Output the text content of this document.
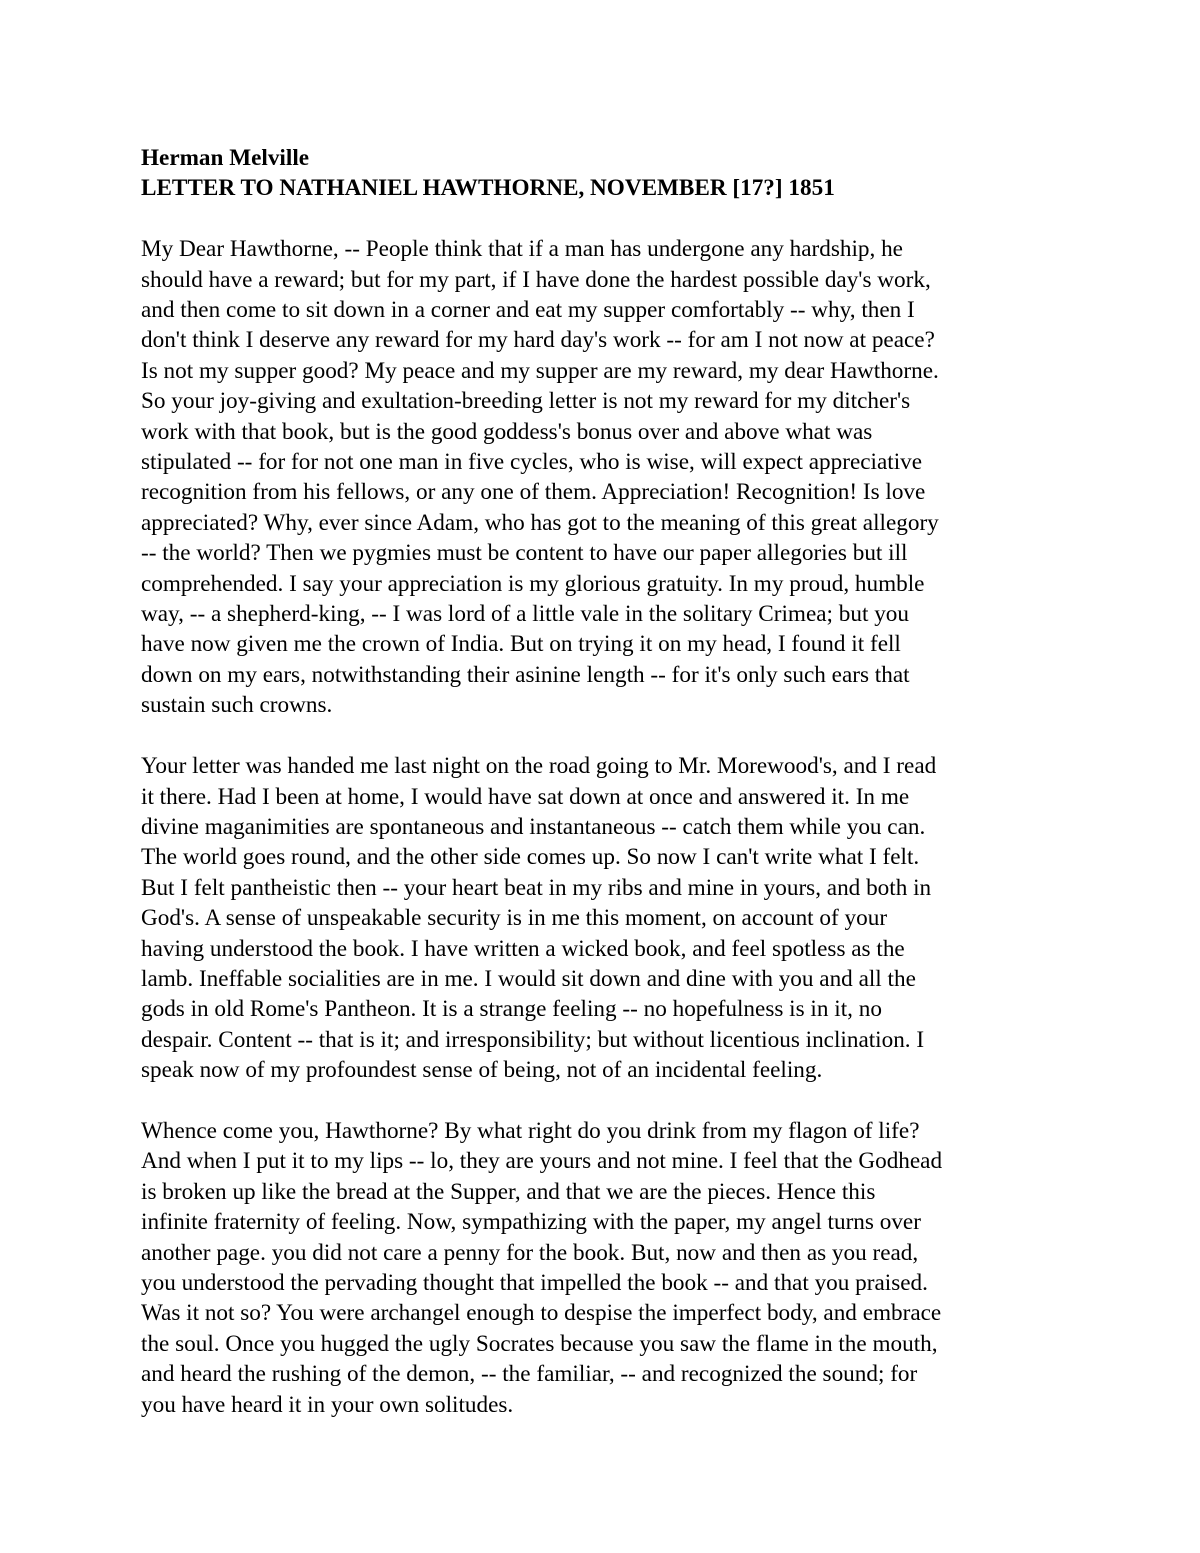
Herman Melville
LETTER TO NATHANIEL HAWTHORNE, NOVEMBER [17?] 1851
My Dear Hawthorne, -- People think that if a man has undergone any hardship, he
should have a reward; but for my part, if I have done the hardest possible day's work,
and then come to sit down in a corner and eat my supper comfortably -- why, then I
don't think I deserve any reward for my hard day's work -- for am I not now at peace?
Is not my supper good? My peace and my supper are my reward, my dear Hawthorne.
So your joy-giving and exultation-breeding letter is not my reward for my ditcher's
work with that book, but is the good goddess's bonus over and above what was
stipulated -- for for not one man in five cycles, who is wise, will expect appreciative
recognition from his fellows, or any one of them. Appreciation! Recognition! Is love
appreciated? Why, ever since Adam, who has got to the meaning of this great allegory
-- the world? Then we pygmies must be content to have our paper allegories but ill
comprehended. I say your appreciation is my glorious gratuity. In my proud, humble
way, -- a shepherd-king, -- I was lord of a little vale in the solitary Crimea; but you
have now given me the crown of India. But on trying it on my head, I found it fell
down on my ears, notwithstanding their asinine length -- for it's only such ears that
sustain such crowns.
Your letter was handed me last night on the road going to Mr. Morewood's, and I read
it there. Had I been at home, I would have sat down at once and answered it. In me
divine maganimities are spontaneous and instantaneous -- catch them while you can.
The world goes round, and the other side comes up. So now I can't write what I felt.
But I felt pantheistic then -- your heart beat in my ribs and mine in yours, and both in
God's. A sense of unspeakable security is in me this moment, on account of your
having understood the book. I have written a wicked book, and feel spotless as the
lamb. Ineffable socialities are in me. I would sit down and dine with you and all the
gods in old Rome's Pantheon. It is a strange feeling -- no hopefulness is in it, no
despair. Content -- that is it; and irresponsibility; but without licentious inclination. I
speak now of my profoundest sense of being, not of an incidental feeling.
Whence come you, Hawthorne? By what right do you drink from my flagon of life?
And when I put it to my lips -- lo, they are yours and not mine. I feel that the Godhead
is broken up like the bread at the Supper, and that we are the pieces. Hence this
infinite fraternity of feeling. Now, sympathizing with the paper, my angel turns over
another page. you did not care a penny for the book. But, now and then as you read,
you understood the pervading thought that impelled the book -- and that you praised.
Was it not so? You were archangel enough to despise the imperfect body, and embrace
the soul. Once you hugged the ugly Socrates because you saw the flame in the mouth,
and heard the rushing of the demon, -- the familiar, -- and recognized the sound; for
you have heard it in your own solitudes.
